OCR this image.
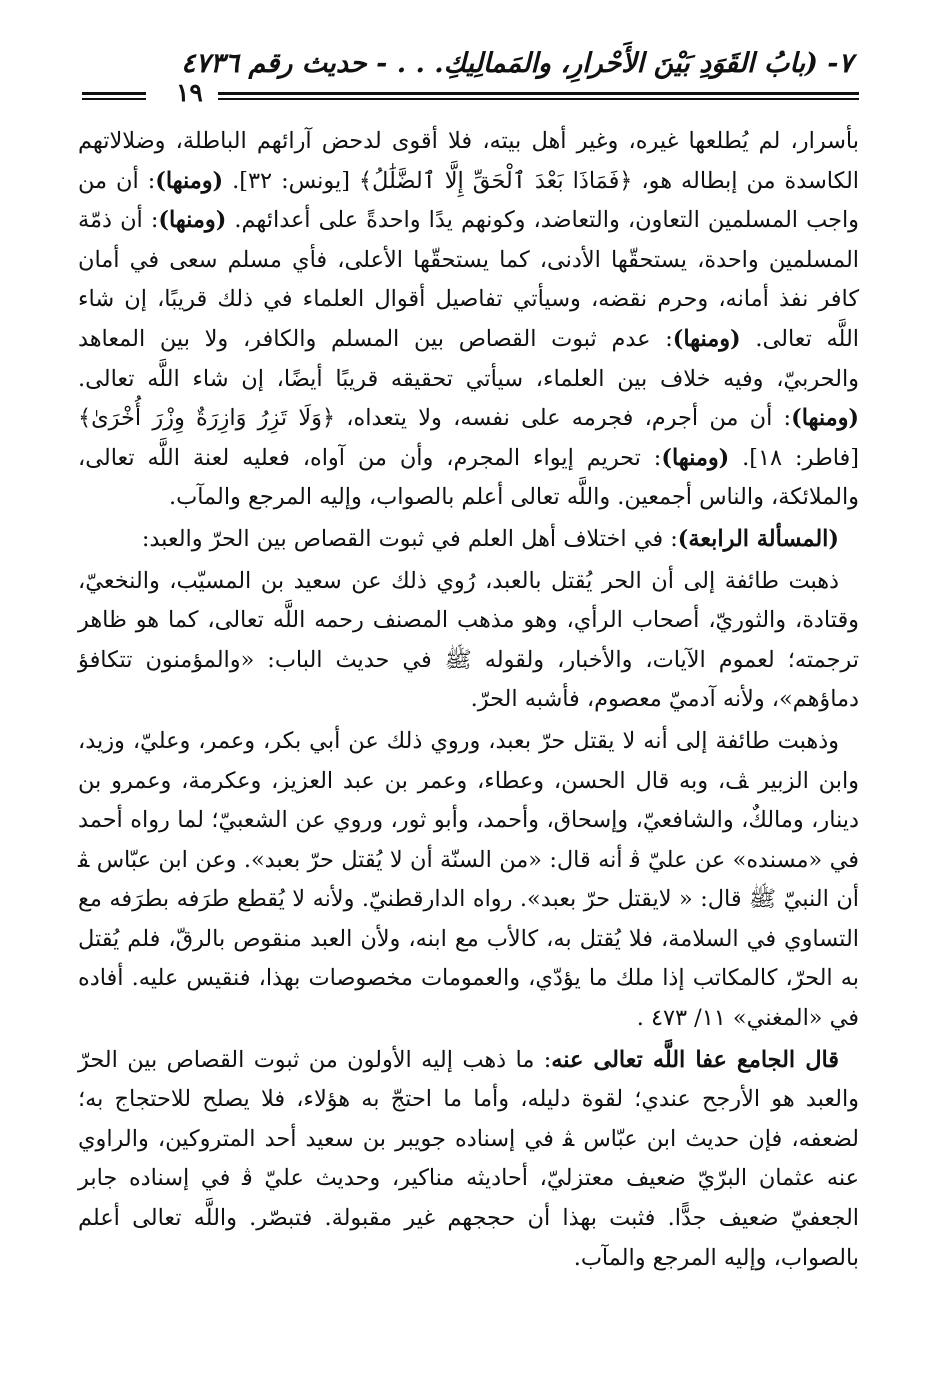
٧- (بابُ القَوَدِ بَيْنَ الأَحْرارِ، والمَمالِيكِ. . . - حديث رقم ٤٧٣٦
١٩

بأسرار، لم يُطلعها غيره، وغير أهل بيته، فلا أقوى لدحض آرائهم الباطلة، وضلالاتهم الكاسدة من إبطاله هو، ﴿فَمَاذَا بَعْدَ ٱلْحَقِّ إِلَّا ٱلضَّلَٰلُ﴾ [يونس: ٣٢]. (ومنها): أن من واجب المسلمين التعاون، والتعاضد، وكونهم يدًا واحدةً على أعدائهم. (ومنها): أن ذمّة المسلمين واحدة، يستحقّها الأدنى، كما يستحقّها الأعلى، فأي مسلم سعى في أمان كافر نفذ أمانه، وحرم نقضه، وسيأتي تفاصيل أقوال العلماء في ذلك قريبًا، إن شاء اللَّه تعالى. (ومنها): عدم ثبوت القصاص بين المسلم والكافر، ولا بين المعاهد والحربيّ، وفيه خلاف بين العلماء، سيأتي تحقيقه قريبًا أيضًا، إن شاء اللَّه تعالى. (ومنها): أن من أجرم، فجرمه على نفسه، ولا يتعداه، ﴿وَلَا تَزِرُ وَازِرَةٌ وِزْرَ أُخْرَىٰ﴾ [فاطر: ١٨]. (ومنها): تحريم إيواء المجرم، وأن من آواه، فعليه لعنة اللَّه تعالى، والملائكة، والناس أجمعين. واللَّه تعالى أعلم بالصواب، وإليه المرجع والمآب.

(المسألة الرابعة): في اختلاف أهل العلم في ثبوت القصاص بين الحرّ والعبد:

ذهبت طائفة إلى أن الحر يُقتل بالعبد، رُوي ذلك عن سعيد بن المسيّب، والنخعيّ، وقتادة، والثوريّ، أصحاب الرأي، وهو مذهب المصنف رحمه اللَّه تعالى، كما هو ظاهر ترجمته؛ لعموم الآيات، والأخبار، ولقوله ﷺ في حديث الباب: «والمؤمنون تتكافؤ دماؤهم»، ولأنه آدميّ معصوم، فأشبه الحرّ.

وذهبت طائفة إلى أنه لا يقتل حرّ بعبد، وروي ذلك عن أبي بكر، وعمر، وعليّ، وزيد، وابن الزبير ﭫ، وبه قال الحسن، وعطاء، وعمر بن عبد العزيز، وعكرمة، وعمرو بن دينار، ومالكٌ، والشافعيّ، وإسحاق، وأحمد، وأبو ثور، وروي عن الشعبيّ؛ لما رواه أحمد في «مسنده» عن عليّ ﭬ أنه قال: «من السنّة أن لا يُقتل حرّ بعبد». وعن ابن عبّاس ﭭ أن النبيّ ﷺ قال: « لايقتل حرّ بعبد». رواه الدارقطنيّ. ولأنه لا يُقطع طرَفه بطرَفه مع التساوي في السلامة، فلا يُقتل به، كالأب مع ابنه، ولأن العبد منقوص بالرقّ، فلم يُقتل به الحرّ، كالمكاتب إذا ملك ما يؤدّي، والعمومات مخصوصات بهذا، فنقيس عليه. أفاده في «المغني» ١١/ ٤٧٣ .

قال الجامع عفا اللَّه تعالى عنه: ما ذهب إليه الأولون من ثبوت القصاص بين الحرّ والعبد هو الأرجح عندي؛ لقوة دليله، وأما ما احتجّ به هؤلاء، فلا يصلح للاحتجاج به؛ لضعفه، فإن حديث ابن عبّاس ﭭ في إسناده جويبر بن سعيد أحد المتروكين، والراوي عنه عثمان البرّيّ ضعيف معتزليّ، أحاديثه مناكير، وحديث عليّ ﭬ في إسناده جابر الجعفيّ ضعيف جدًّا. فثبت بهذا أن حججهم غير مقبولة. فتبصّر. واللَّه تعالى أعلم بالصواب، وإليه المرجع والمآب.
